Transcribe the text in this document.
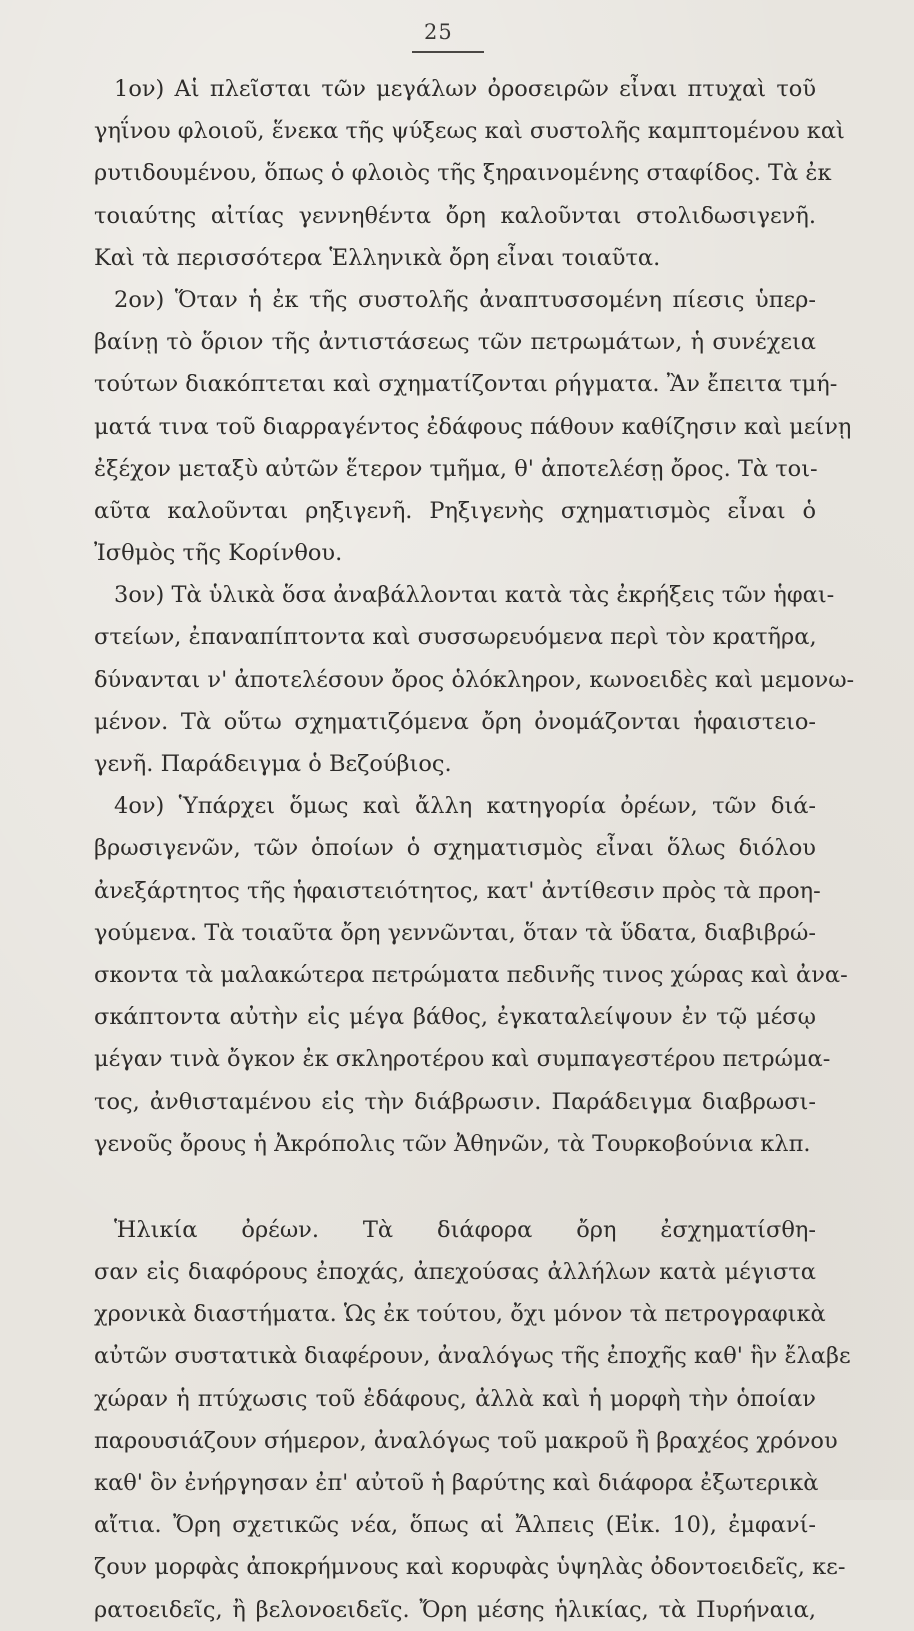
25
1ον) Αἱ πλεῖσται τῶν μεγάλων ὀροσειρῶν εἶναι πτυχαὶ τοῦ
γηΐνου φλοιοῦ, ἕνεκα τῆς ψύξεως καὶ συστολῆς καμπτομένου καὶ
ρυτιδουμένου, ὅπως ὁ φλοιὸς τῆς ξηραινομένης σταφίδος. Τὰ ἐκ
τοιαύτης αἰτίας γεννηθέντα ὄρη καλοῦνται στολιδωσιγενῆ.
Καὶ τὰ περισσότερα Ἑλληνικὰ ὄρη εἶναι τοιαῦτα.
2ον) Ὅταν ἡ ἐκ τῆς συστολῆς ἀναπτυσσομένη πίεσις ὑπερ-
βαίνῃ τὸ ὅριον τῆς ἀντιστάσεως τῶν πετρωμάτων, ἡ συνέχεια
τούτων διακόπτεται καὶ σχηματίζονται ρήγματα. Ἂν ἔπειτα τμή-
ματά τινα τοῦ διαρραγέντος ἐδάφους πάθουν καθίζησιν καὶ μείνῃ
ἐξέχον μεταξὺ αὐτῶν ἕτερον τμῆμα, θ' ἀποτελέσῃ ὄρος. Τὰ τοι-
αῦτα καλοῦνται ρηξιγενῆ. Ρηξιγενὴς σχηματισμὸς εἶναι ὁ
Ἰσθμὸς τῆς Κορίνθου.
3ον) Τὰ ὑλικὰ ὅσα ἀναβάλλονται κατὰ τὰς ἐκρήξεις τῶν ἡφαι-
στείων, ἐπαναπίπτοντα καὶ συσσωρευόμενα περὶ τὸν κρατῆρα,
δύνανται ν' ἀποτελέσουν ὄρος ὁλόκληρον, κωνοειδὲς καὶ μεμονω-
μένον. Τὰ οὕτω σχηματιζόμενα ὄρη ὀνομάζονται ἡφαιστειο-
γενῆ. Παράδειγμα ὁ Βεζούβιος.
4ον) Ὑπάρχει ὅμως καὶ ἄλλη κατηγορία ὀρέων, τῶν διά-
βρωσιγενῶν, τῶν ὁποίων ὁ σχηματισμὸς εἶναι ὅλως διόλου
ἀνεξάρτητος τῆς ἡφαιστειότητος, κατ' ἀντίθεσιν πρὸς τὰ προη-
γούμενα. Τὰ τοιαῦτα ὄρη γεννῶνται, ὅταν τὰ ὕδατα, διαβιβρώ-
σκοντα τὰ μαλακώτερα πετρώματα πεδινῆς τινος χώρας καὶ ἀνα-
σκάπτοντα αὐτὴν εἰς μέγα βάθος, ἐγκαταλείψουν ἐν τῷ μέσῳ
μέγαν τινὰ ὄγκον ἐκ σκληροτέρου καὶ συμπαγεστέρου πετρώμα-
τος, ἀνθισταμένου εἰς τὴν διάβρωσιν. Παράδειγμα διαβρωσι-
γενοῦς ὄρους ἡ Ἀκρόπολις τῶν Ἀθηνῶν, τὰ Τουρκοβούνια κλπ.
Ἡλικία ὀρέων. Τὰ διάφορα ὄρη ἐσχηματίσθη-
σαν εἰς διαφόρους ἐποχάς, ἀπεχούσας ἀλλήλων κατὰ μέγιστα
χρονικὰ διαστήματα. Ὡς ἐκ τούτου, ὄχι μόνον τὰ πετρογραφικὰ
αὐτῶν συστατικὰ διαφέρουν, ἀναλόγως τῆς ἐποχῆς καθ' ἣν ἔλαβε
χώραν ἡ πτύχωσις τοῦ ἐδάφους, ἀλλὰ καὶ ἡ μορφὴ τὴν ὁποίαν
παρουσιάζουν σήμερον, ἀναλόγως τοῦ μακροῦ ἢ βραχέος χρόνου
καθ' ὃν ἐνήργησαν ἐπ' αὐτοῦ ἡ βαρύτης καὶ διάφορα ἐξωτερικὰ
αἴτια. Ὄρη σχετικῶς νέα, ὅπως αἱ Ἄλπεις (Εἰκ. 10), ἐμφανί-
ζουν μορφὰς ἀποκρήμνους καὶ κορυφὰς ὑψηλὰς ὀδοντοειδεῖς, κε-
ρατοειδεῖς, ἢ βελονοειδεῖς. Ὄρη μέσης ἡλικίας, τὰ Πυρήναια,
